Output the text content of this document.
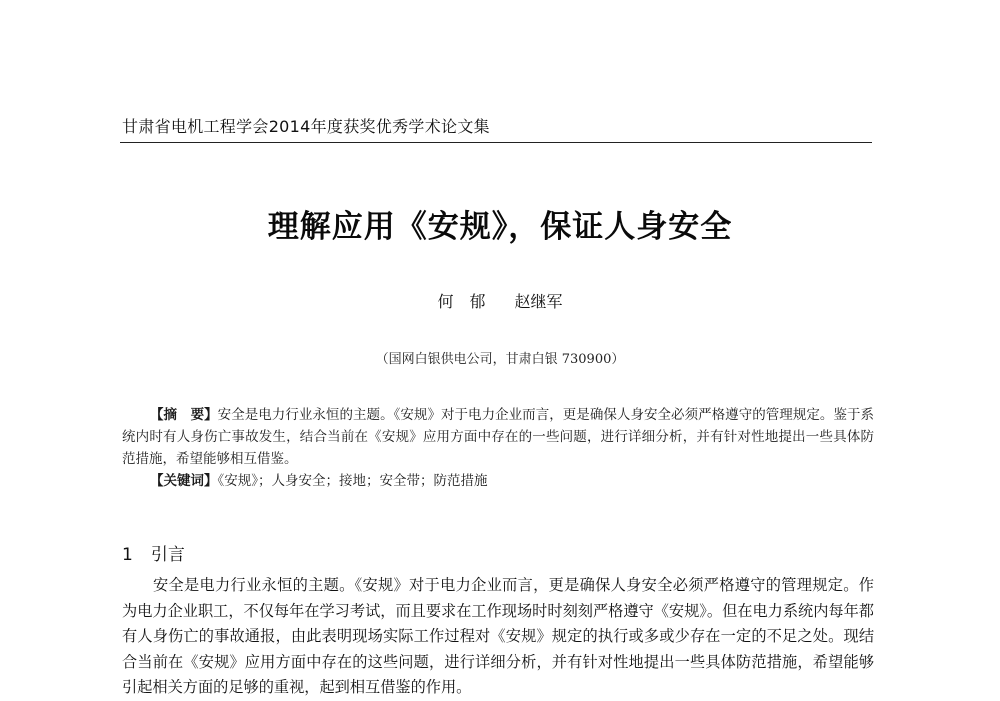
甘肃省电机工程学会2014年度获奖优秀学术论文集
理解应用《安规》，保证人身安全
何　郁 赵继军
（国网白银供电公司，甘肃白银 730900）

【摘　要】安全是电力行业永恒的主题。《安规》对于电力企业而言，更是确保人身安全必须严格遵守的管理规定。鉴于系统内时有人身伤亡事故发生，结合当前在《安规》应用方面中存在的一些问题，进行详细分析，并有针对性地提出一些具体防范措施，希望能够相互借鉴。

【关键词】《安规》；人身安全；接地；安全带；防范措施

1 引言

安全是电力行业永恒的主题。《安规》对于电力企业而言，更是确保人身安全必须严格遵守的管理规定。作为电力企业职工，不仅每年在学习考试，而且要求在工作现场时时刻刻严格遵守《安规》。但在电力系统内每年都有人身伤亡的事故通报，由此表明现场实际工作过程对《安规》规定的执行或多或少存在一定的不足之处。现结合当前在《安规》应用方面中存在的这些问题，进行详细分析，并有针对性地提出一些具体防范措施，希望能够引起相关方面的足够的重视，起到相互借鉴的作用。
